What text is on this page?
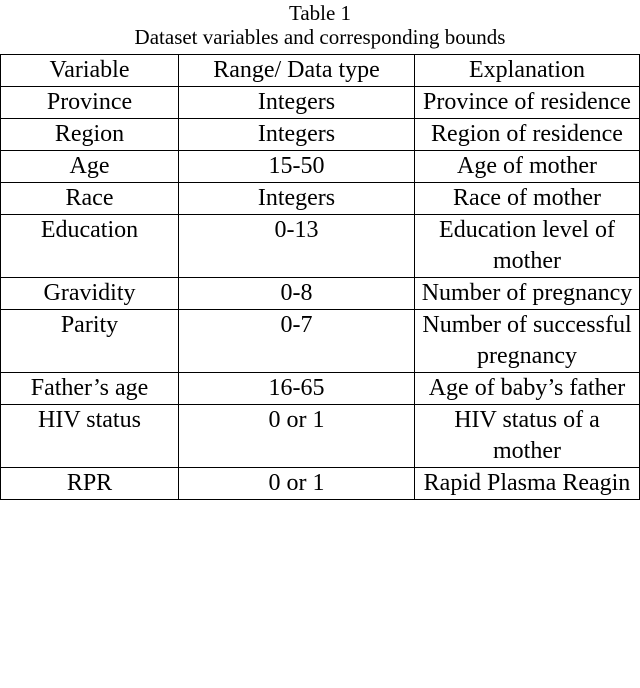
Table 1
Dataset variables and corresponding bounds
Variable	Range/ Data type	Explanation
Province	Integers	Province of residence
Region	Integers	Region of residence
Age	15-50	Age of mother
Race	Integers	Race of mother
Education	0-13	Education level of mother
Gravidity	0-8	Number of pregnancy
Parity	0-7	Number of successful pregnancy
Father’s age	16-65	Age of baby’s father
HIV status	0 or 1	HIV status of a mother
RPR	0 or 1	Rapid Plasma Reagin
